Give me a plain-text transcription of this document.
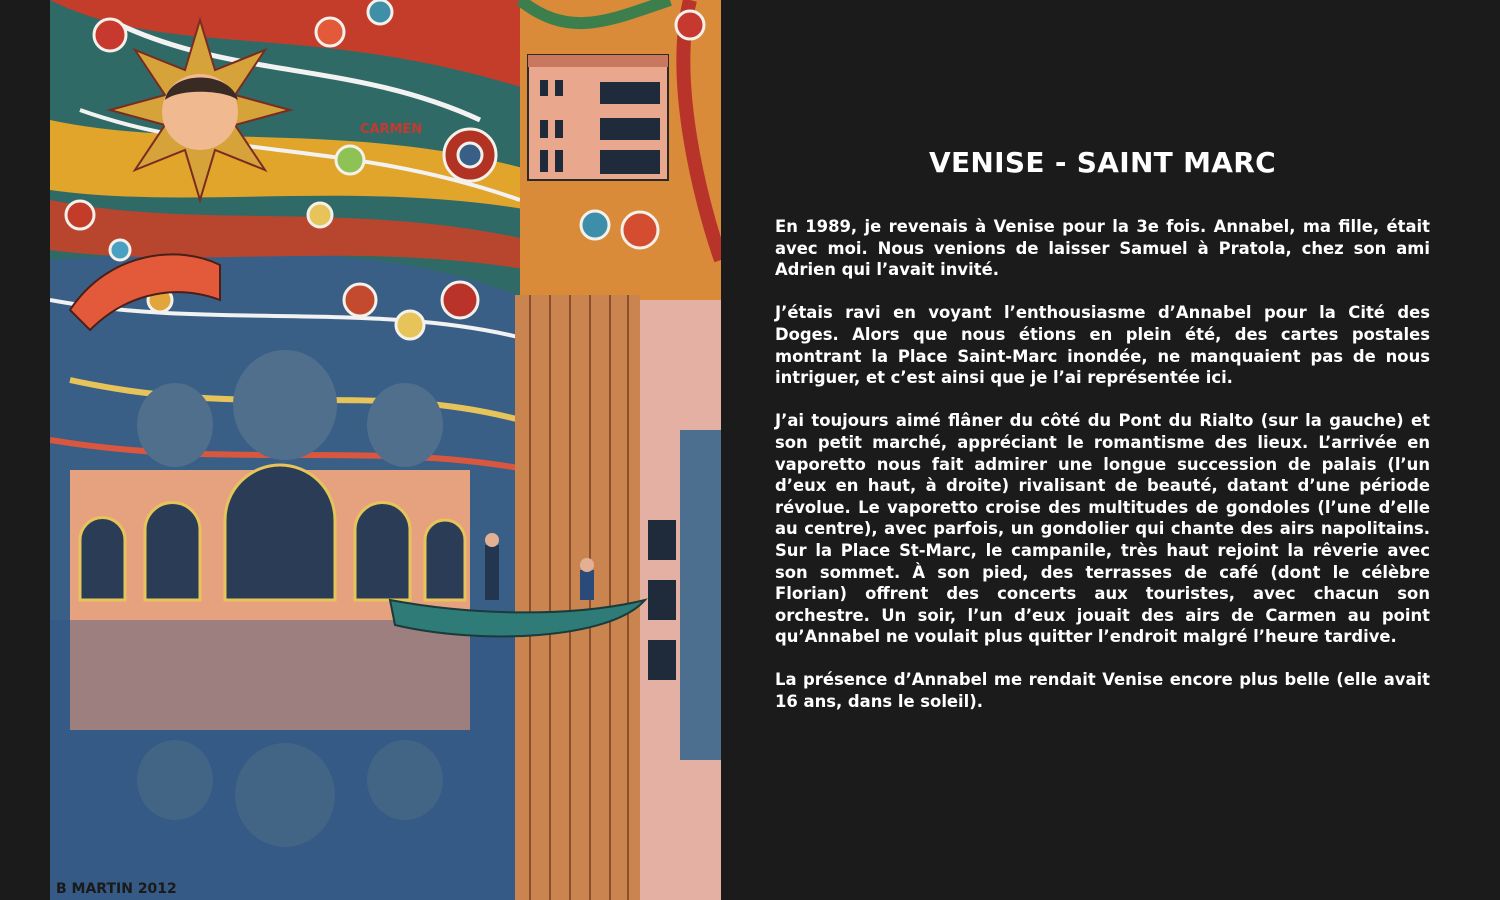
CARMEN
B MARTIN 2012
VENISE - SAINT MARC

En 1989, je revenais à Venise pour la 3e fois. Annabel, ma fille, était avec moi. Nous venions de laisser Samuel à Pratola, chez son ami Adrien qui l’avait invité.

J’étais ravi en voyant l’enthousiasme d’Annabel pour la Cité des Doges. Alors que nous étions en plein été, des cartes postales montrant la Place Saint-Marc inondée, ne manquaient pas de nous intriguer, et c’est ainsi que je l’ai représentée ici.

J’ai toujours aimé flâner du côté du Pont du Rialto (sur la gauche) et son petit marché, appréciant le romantisme des lieux. L’arrivée en vaporetto nous fait admirer une longue succession de palais (l’un d’eux en haut, à droite) rivalisant de beauté, datant d’une période révolue. Le vaporetto croise des multitudes de gondoles (l’une d’elle au centre), avec parfois, un gondolier qui chante des airs napolitains. Sur la Place St-Marc, le campanile, très haut rejoint la rêverie avec son sommet. À son pied, des terrasses de café (dont le célèbre Florian) offrent des concerts aux touristes, avec chacun son orchestre. Un soir, l’un d’eux jouait des airs de Carmen au point qu’Annabel ne voulait plus quitter l’endroit malgré l’heure tardive.

La présence d’Annabel me rendait Venise encore plus belle (elle avait 16 ans, dans le soleil).
